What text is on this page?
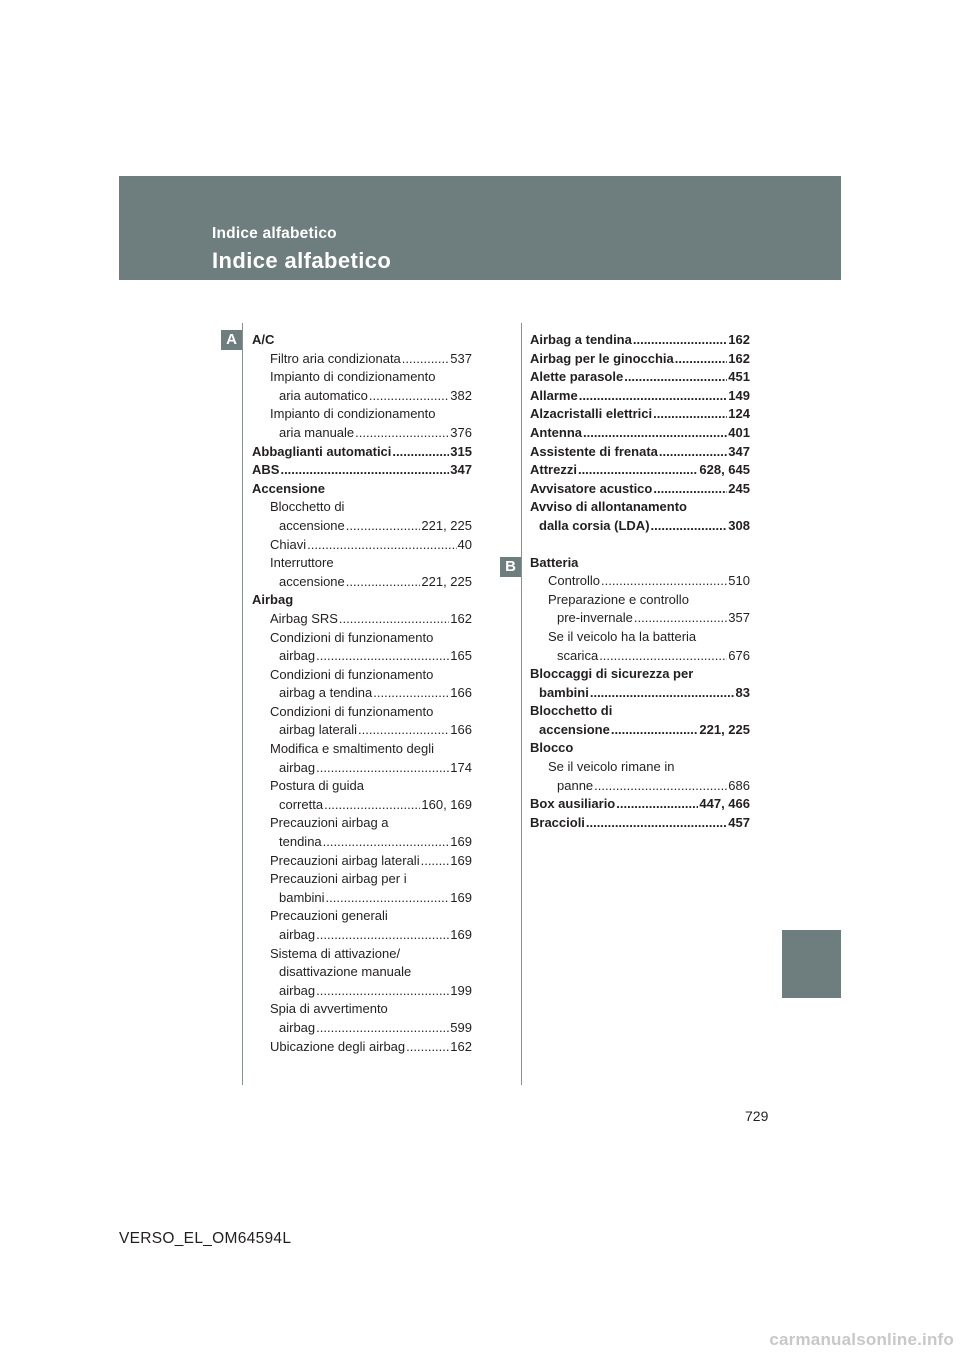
Indice alfabetico
Indice alfabetico
A
B
A/C
Filtro aria condizionata .....	537
Impianto di condizionamento
aria automatico .....	382
Impianto di condizionamento
aria manuale .....	376
Abbaglianti automatici .....	315
ABS .....	347
Accensione
Blocchetto di
accensione .....	221, 225
Chiavi .....	40
Interruttore
accensione .....	221, 225
Airbag
Airbag SRS .....	162
Condizioni di funzionamento
airbag .....	165
Condizioni di funzionamento
airbag a tendina .....	166
Condizioni di funzionamento
airbag laterali .....	166
Modifica e smaltimento degli
airbag .....	174
Postura di guida
corretta .....	160, 169
Precauzioni airbag a
tendina .....	169
Precauzioni airbag laterali ..... 169
Precauzioni airbag per i
bambini .....	169
Precauzioni generali
airbag .....	169
Sistema di attivazione/
disattivazione manuale
airbag .....	199
Spia di avvertimento
airbag .....	599
Ubicazione degli airbag .....	162
Airbag a tendina .....	162
Airbag per le ginocchia .....	162
Alette parasole .....	451
Allarme .....	149
Alzacristalli elettrici .....	124
Antenna .....	401
Assistente di frenata .....	347
Attrezzi .....	628, 645
Avvisatore acustico .....	245
Avviso di allontanamento
dalla corsia (LDA) .....	308
Batteria
Controllo .....	510
Preparazione e controllo
pre-invernale .....	357
Se il veicolo ha la batteria
scarica .....	676
Bloccaggi di sicurezza per
bambini .....	83
Blocchetto di
accensione .....	221, 225
Blocco
Se il veicolo rimane in
panne .....	686
Box ausiliario .....	447, 466
Braccioli .....	457
729
VERSO_EL_OM64594L
carmanualsonline.info
